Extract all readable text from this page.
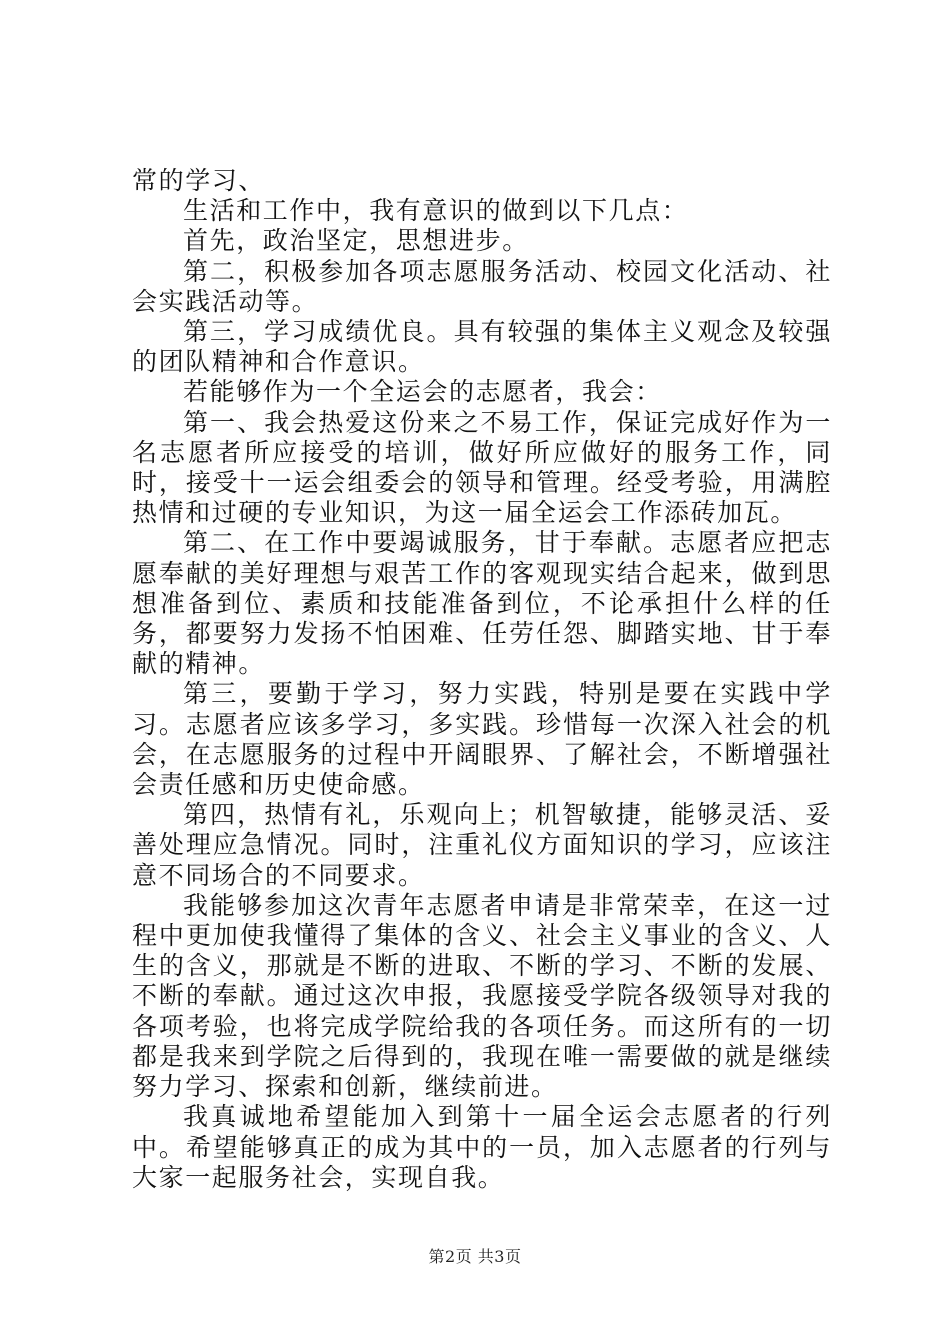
常的学习、

生活和工作中，我有意识的做到以下几点：

首先，政治坚定，思想进步。

第二，积极参加各项志愿服务活动、校园文化活动、社会实践活动等。

第三，学习成绩优良。具有较强的集体主义观念及较强的团队精神和合作意识。

若能够作为一个全运会的志愿者，我会：

第一、我会热爱这份来之不易工作，保证完成好作为一名志愿者所应接受的培训，做好所应做好的服务工作，同时，接受十一运会组委会的领导和管理。经受考验，用满腔热情和过硬的专业知识，为这一届全运会工作添砖加瓦。

第二、在工作中要竭诚服务，甘于奉献。志愿者应把志愿奉献的美好理想与艰苦工作的客观现实结合起来，做到思想准备到位、素质和技能准备到位，不论承担什么样的任务，都要努力发扬不怕困难、任劳任怨、脚踏实地、甘于奉献的精神。

第三，要勤于学习，努力实践，特别是要在实践中学习。志愿者应该多学习，多实践。珍惜每一次深入社会的机会，在志愿服务的过程中开阔眼界、了解社会，不断增强社会责任感和历史使命感。

第四，热情有礼，乐观向上；机智敏捷，能够灵活、妥善处理应急情况。同时，注重礼仪方面知识的学习，应该注意不同场合的不同要求。

我能够参加这次青年志愿者申请是非常荣幸，在这一过程中更加使我懂得了集体的含义、社会主义事业的含义、人生的含义，那就是不断的进取、不断的学习、不断的发展、不断的奉献。通过这次申报，我愿接受学院各级领导对我的各项考验，也将完成学院给我的各项任务。而这所有的一切都是我来到学院之后得到的，我现在唯一需要做的就是继续努力学习、探索和创新，继续前进。

我真诚地希望能加入到第十一届全运会志愿者的行列中。希望能够真正的成为其中的一员，加入志愿者的行列与大家一起服务社会，实现自我。

第2页 共3页
